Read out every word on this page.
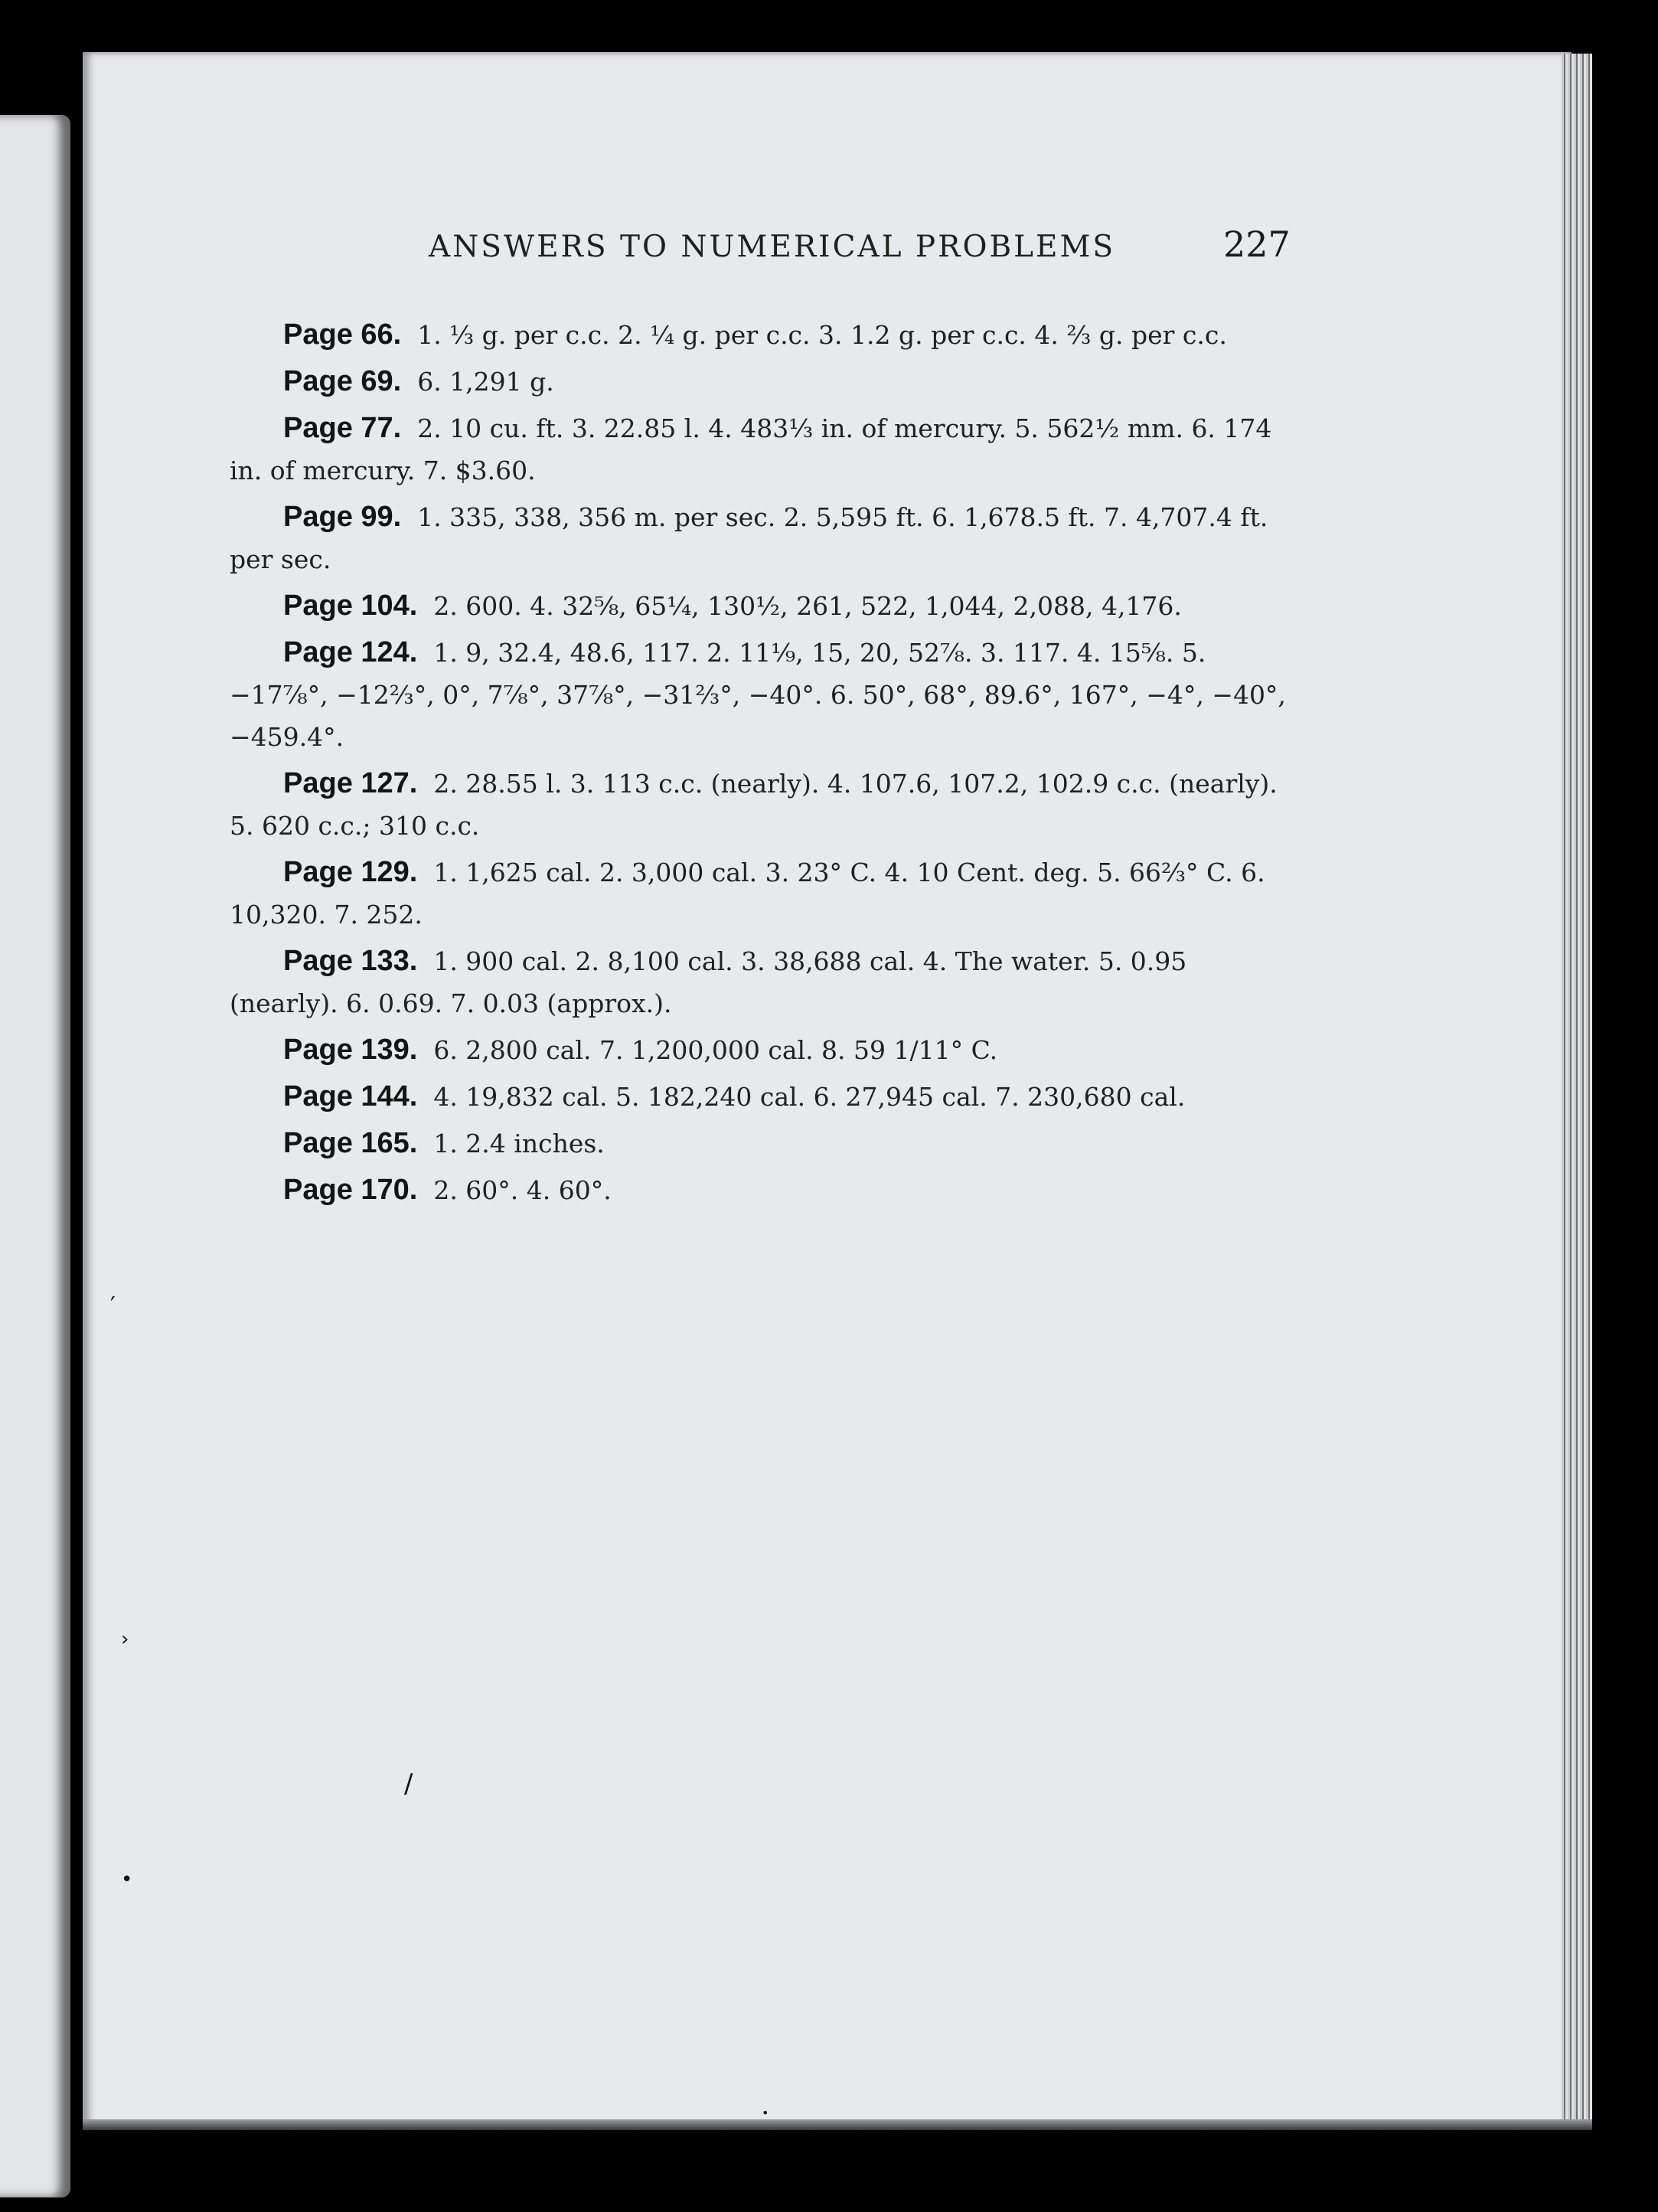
ANSWERS TO NUMERICAL PROBLEMS	227

Page 66. 1. ⅓ g. per c.c. 2. ¼ g. per c.c. 3. 1.2 g. per c.c. 4. ⅔ g. per c.c.

Page 69. 6. 1,291 g.

Page 77. 2. 10 cu. ft. 3. 22.85 l. 4. 483⅓ in. of mercury. 5. 562½ mm. 6. 174 in. of mercury. 7. $3.60.

Page 99. 1. 335, 338, 356 m. per sec. 2. 5,595 ft. 6. 1,678.5 ft. 7. 4,707.4 ft. per sec.

Page 104. 2. 600. 4. 32⅝, 65¼, 130½, 261, 522, 1,044, 2,088, 4,176.

Page 124. 1. 9, 32.4, 48.6, 117. 2. 11⅑, 15, 20, 52⅞. 3. 117. 4. 15⅝. 5. −17⅞°, −12⅔°, 0°, 7⅞°, 37⅞°, −31⅔°, −40°. 6. 50°, 68°, 89.6°, 167°, −4°, −40°, −459.4°.

Page 127. 2. 28.55 l. 3. 113 c.c. (nearly). 4. 107.6, 107.2, 102.9 c.c. (nearly). 5. 620 c.c.; 310 c.c.

Page 129. 1. 1,625 cal. 2. 3,000 cal. 3. 23° C. 4. 10 Cent. deg. 5. 66⅔° C. 6. 10,320. 7. 252.

Page 133. 1. 900 cal. 2. 8,100 cal. 3. 38,688 cal. 4. The water. 5. 0.95 (nearly). 6. 0.69. 7. 0.03 (approx.).

Page 139. 6. 2,800 cal. 7. 1,200,000 cal. 8. 59 1/11° C.

Page 144. 4. 19,832 cal. 5. 182,240 cal. 6. 27,945 cal. 7. 230,680 cal.

Page 165. 1. 2.4 inches.

Page 170. 2. 60°. 4. 60°.

′
›
/
•
•
